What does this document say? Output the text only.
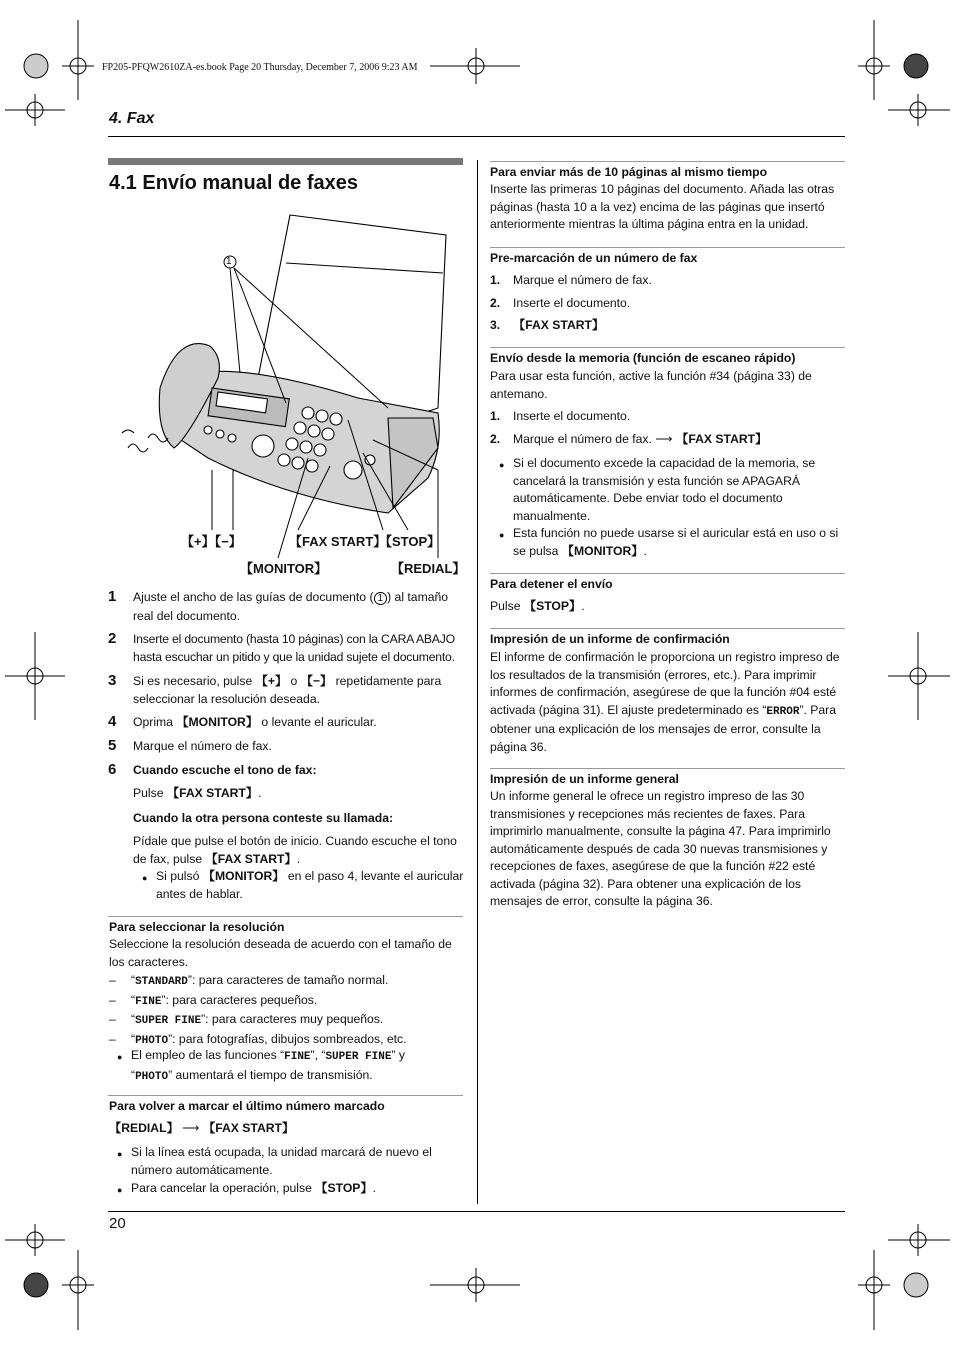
FP205-PFQW2610ZA-es.book Page 20 Thursday, December 7, 2006 9:23 AM
4. Fax
4.1 Envío manual de faxes
1
【+】【−】	【FAX START】
【STOP】
【MONITOR】	【REDIAL】
1 Ajuste el ancho de las guías de documento ( 1 ) al tamaño real del documento.
2 Inserte el documento (hasta 10 páginas) con la CARA ABAJO hasta escuchar un pitido y que la unidad sujete el documento.
3 Si es necesario, pulse 【 + 】 o 【 − 】 repetidamente para seleccionar la resolución deseada.
4 Oprima 【 MONITOR 】 o levante el auricular.
5 Marque el número de fax.
6 Cuando escuche el tono de fax:
Pulse 【 FAX START 】 .
Cuando la otra persona conteste su llamada:
Pídale que pulse el botón de inicio. Cuando escuche el tono de fax, pulse 【 FAX START 】 .
● Si pulsó 【 MONITOR 】 en el paso 4, levante el auricular antes de hablar.
Para seleccionar la resolución
Seleccione la resolución deseada de acuerdo con el tamaño de los caracteres.
– “STANDARD”: para caracteres de tamaño normal.
– “FINE”: para caracteres pequeños.
– “SUPER FINE”: para caracteres muy pequeños.
– “PHOTO”: para fotografías, dibujos sombreados, etc.
● El empleo de las funciones “FINE”, “SUPER FINE” y
“PHOTO” aumentará el tiempo de transmisión.
Para volver a marcar el último número marcado
【 REDIAL 】 ⟶ 【 FAX START 】
● Si la línea está ocupada, la unidad marcará de nuevo el número automáticamente.
● Para cancelar la operación, pulse 【 STOP 】 .
Para enviar más de 10 páginas al mismo tiempo
Inserte las primeras 10 páginas del documento. Añada las otras páginas (hasta 10 a la vez) encima de las páginas que insertó anteriormente mientras la última página entra en la unidad.
Pre-marcación de un número de fax
1. Marque el número de fax.
2. Inserte el documento.
3. 【 FAX START 】
Envío desde la memoria (función de escaneo rápido)
Para usar esta función, active la función #34 (página 33) de antemano.
1. Inserte el documento.
2. Marque el número de fax. ⟶ 【 FAX START 】
● Si el documento excede la capacidad de la memoria, se cancelará la transmisión y esta función se APAGARÁ automáticamente. Debe enviar todo el documento manualmente.
● Esta función no puede usarse si el auricular está en uso o si se pulsa 【 MONITOR 】 .
Para detener el envío
Pulse 【 STOP 】 .
Impresión de un informe de confirmación
El informe de confirmación le proporciona un registro impreso de los resultados de la transmisión (errores, etc.). Para imprimir informes de confirmación, asegúrese de que la función #04 esté activada (página 31). El ajuste predeterminado es “ERROR”. Para obtener una explicación de los mensajes de error, consulte la página 36.
Impresión de un informe general
Un informe general le ofrece un registro impreso de las 30 transmisiones y recepciones más recientes de faxes. Para imprimirlo manualmente, consulte la página 47. Para imprimirlo automáticamente después de cada 30 nuevas transmisiones y recepciones de faxes, asegúrese de que la función #22 esté activada (página 32). Para obtener una explicación de los mensajes de error, consulte la página 36.
20
